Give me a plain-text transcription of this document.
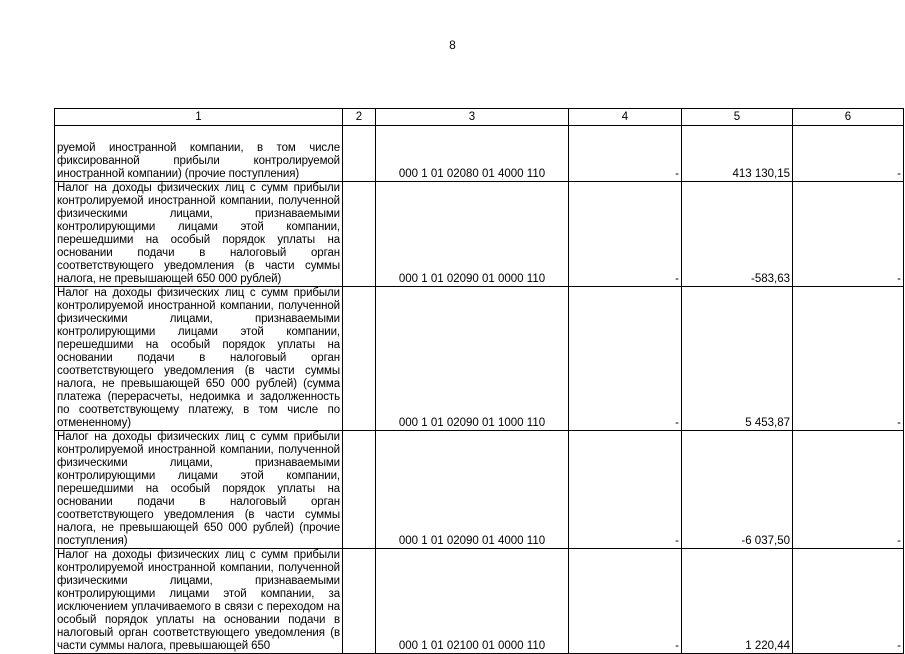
8
1	2	3	4	5	6
руемой иностранной компании, в том числе фиксированной прибыли контролируемой иностранной компании) (прочие поступления)		000 1 01 02080 01 4000 110	-	413 130,15	-
Налог на доходы физических лиц с сумм прибыли контролируемой иностранной компании, полученной физическими лицами, признаваемыми контролирующими лицами этой компании, перешедшими на особый порядок уплаты на основании подачи в налоговый орган соответствующего уведомления (в части суммы налога, не превышающей 650 000 рублей)		000 1 01 02090 01 0000 110	-	-583,63	-
Налог на доходы физических лиц с сумм прибыли контролируемой иностранной компании, полученной физическими лицами, признаваемыми контролирующими лицами этой компании, перешедшими на особый порядок уплаты на основании подачи в налоговый орган соответствующего уведомления (в части суммы налога, не превышающей 650 000 рублей) (сумма платежа (перерасчеты, недоимка и задолженность по соответствующему платежу, в том числе по отмененному)		000 1 01 02090 01 1000 110	-	5 453,87	-
Налог на доходы физических лиц с сумм прибыли контролируемой иностранной компании, полученной физическими лицами, признаваемыми контролирующими лицами этой компании, перешедшими на особый порядок уплаты на основании подачи в налоговый орган соответствующего уведомления (в части суммы налога, не превышающей 650 000 рублей) (прочие поступления)		000 1 01 02090 01 4000 110	-	-6 037,50	-
Налог на доходы физических лиц с сумм прибыли контролируемой иностранной компании, полученной физическими лицами, признаваемыми контролирующими лицами этой компании, за исключением уплачиваемого в связи с переходом на особый порядок уплаты на основании подачи в налоговый орган соответствующего уведомления (в части суммы налога, превышающей 650		000 1 01 02100 01 0000 110	-	1 220,44	-
